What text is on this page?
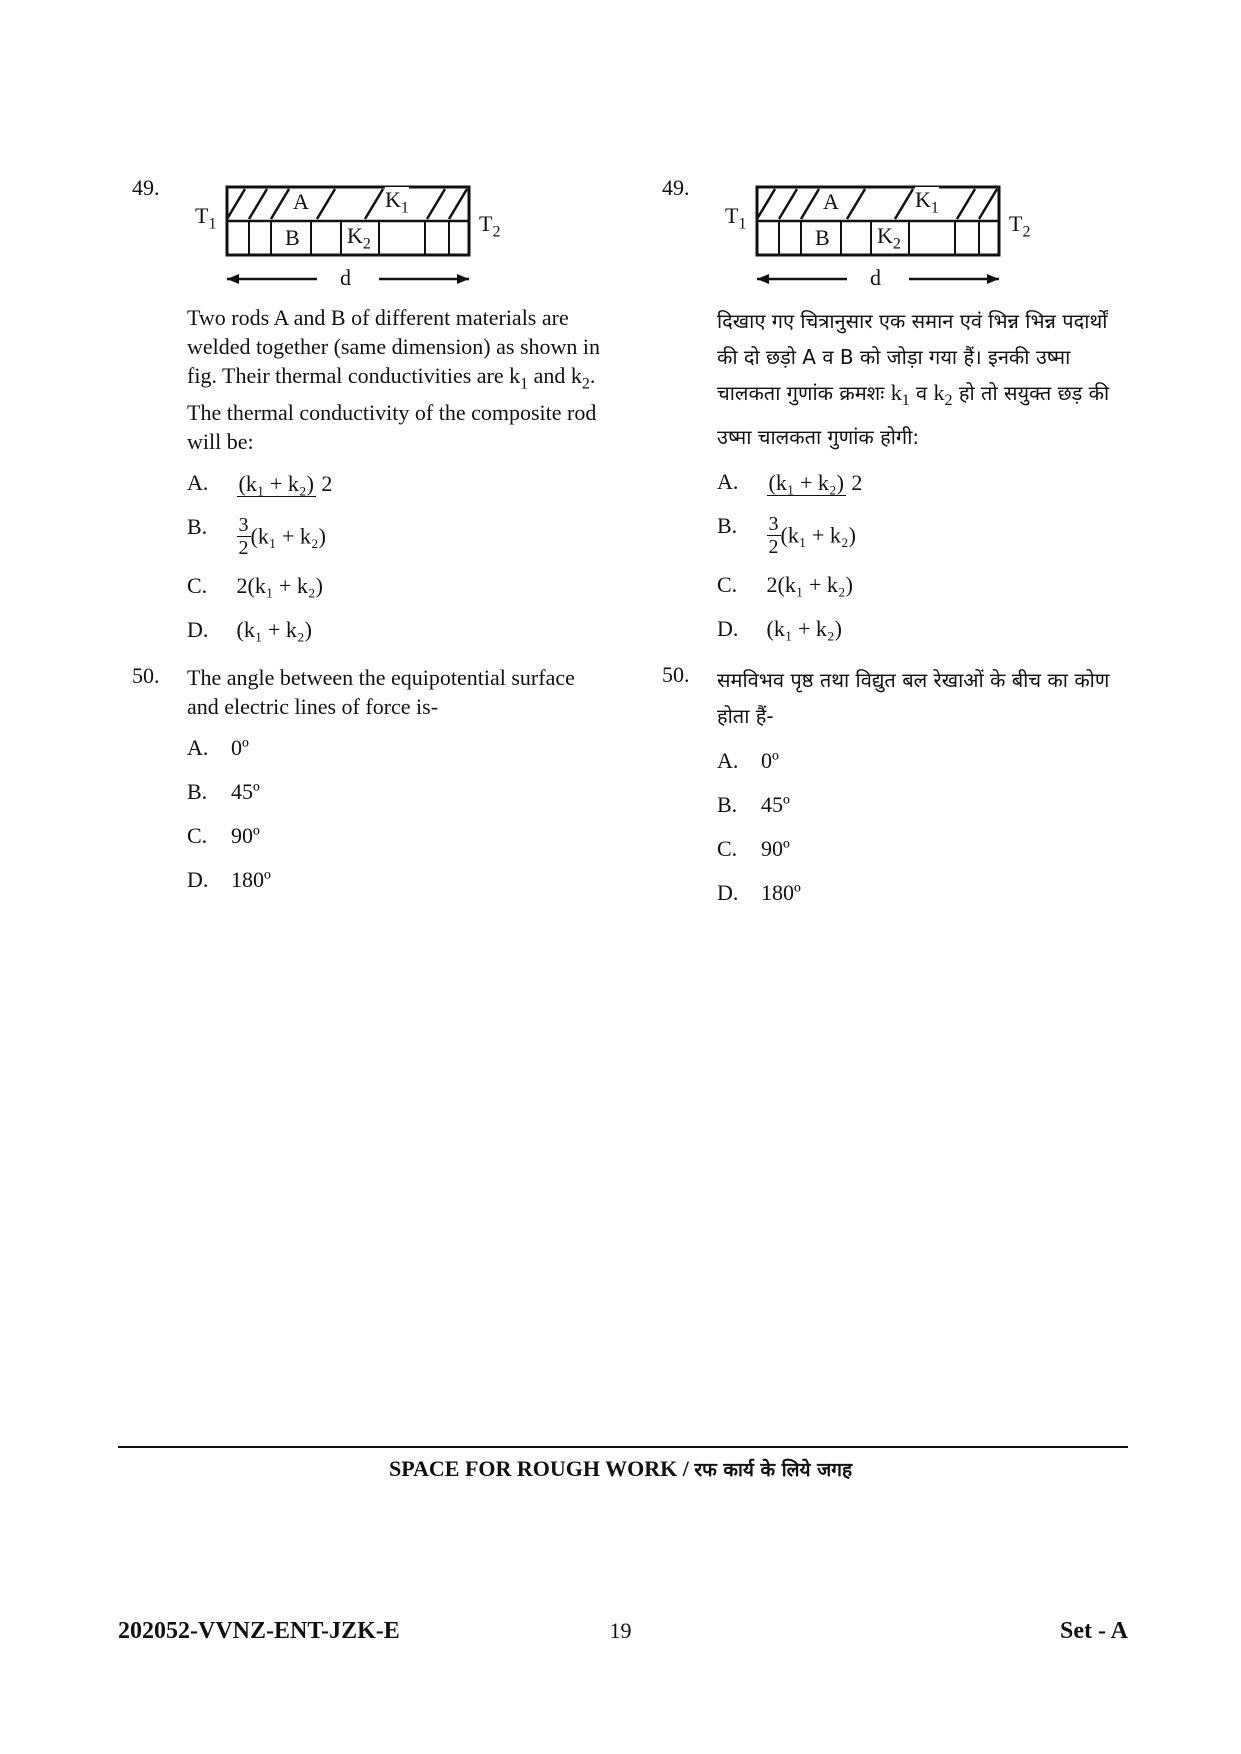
49.
$T_1$	$T_2$
A	$K_1$
B $K_2$
d
Two rods A and B of different materials are welded together (same dimension) as shown in fig. Their thermal conductivities are $k_1$ and $k_2$. The thermal conductivity of the composite rod will be:
A. (k₁ + k₂) 2
B. $\frac{3}{2} (k_1 + k_2)$
C. 2(k₁ + k₂)
D. (k₁ + k₂)
50. The angle between the equipotential surface and electric lines of force is-
A. 0º
B. 45º
C. 90º
D. 180º
49.
$T_1$	$T_2$
A	$K_1$
B $K_2$
d
दिखाए गए चित्रानुसार एक समान एवं भिन्न भिन्न पदार्थों की दो छड़ो A व B को जोड़ा गया हैं। इनकी उष्मा चालकता गुणांक क्रमशः $k_1$ व $k_2$ हो तो सयुक्त छड़ की उष्मा चालकता गुणांक होगी:
A. (k₁ + k₂) 2
B. $\frac{3}{2} (k_1 + k_2)$
C. 2(k₁ + k₂)
D. (k₁ + k₂)
50. समविभव पृष्ठ तथा विद्युत बल रेखाओं के बीच का कोण होता हैं-
A. 0º
B. 45º
C. 90º
D. 180º
SPACE FOR ROUGH WORK / रफ कार्य के लिये जगह
202052-VVNZ-ENT-JZK-E	19	Set - A
